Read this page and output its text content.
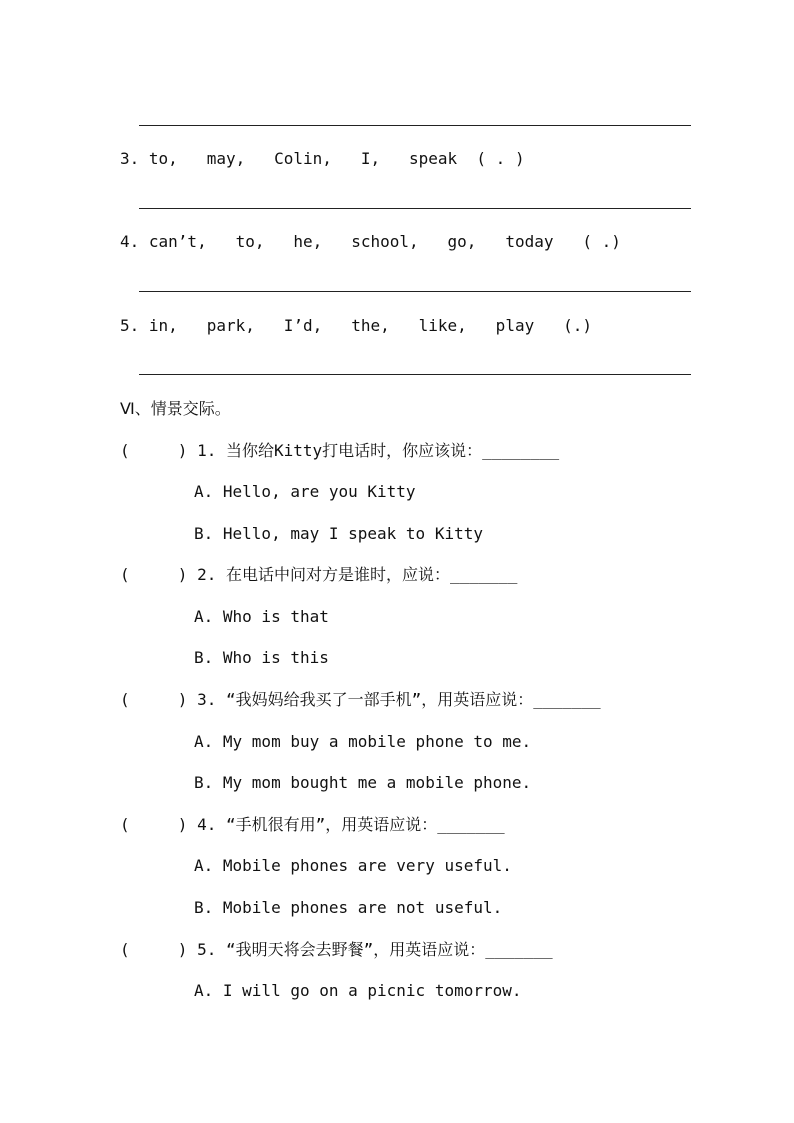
3. to,   may,   Colin,   I,   speak  ( . )
4. can’t,   to,   he,   school,   go,   today   ( .)
5. in,   park,   I’d,   the,   like,   play   (.)
Ⅵ、情景交际。
(     ) 1. 当你给Kitty打电话时，你应该说：________
A. Hello, are you Kitty
B. Hello, may I speak to Kitty
(     ) 2. 在电话中问对方是谁时，应说：_______
A. Who is that
B. Who is this
(     ) 3. “我妈妈给我买了一部手机”，用英语应说：_______
A. My mom buy a mobile phone to me.
B. My mom bought me a mobile phone.
(     ) 4. “手机很有用”，用英语应说：_______
A. Mobile phones are very useful.
B. Mobile phones are not useful.
(     ) 5. “我明天将会去野餐”，用英语应说：_______
A. I will go on a picnic tomorrow.
